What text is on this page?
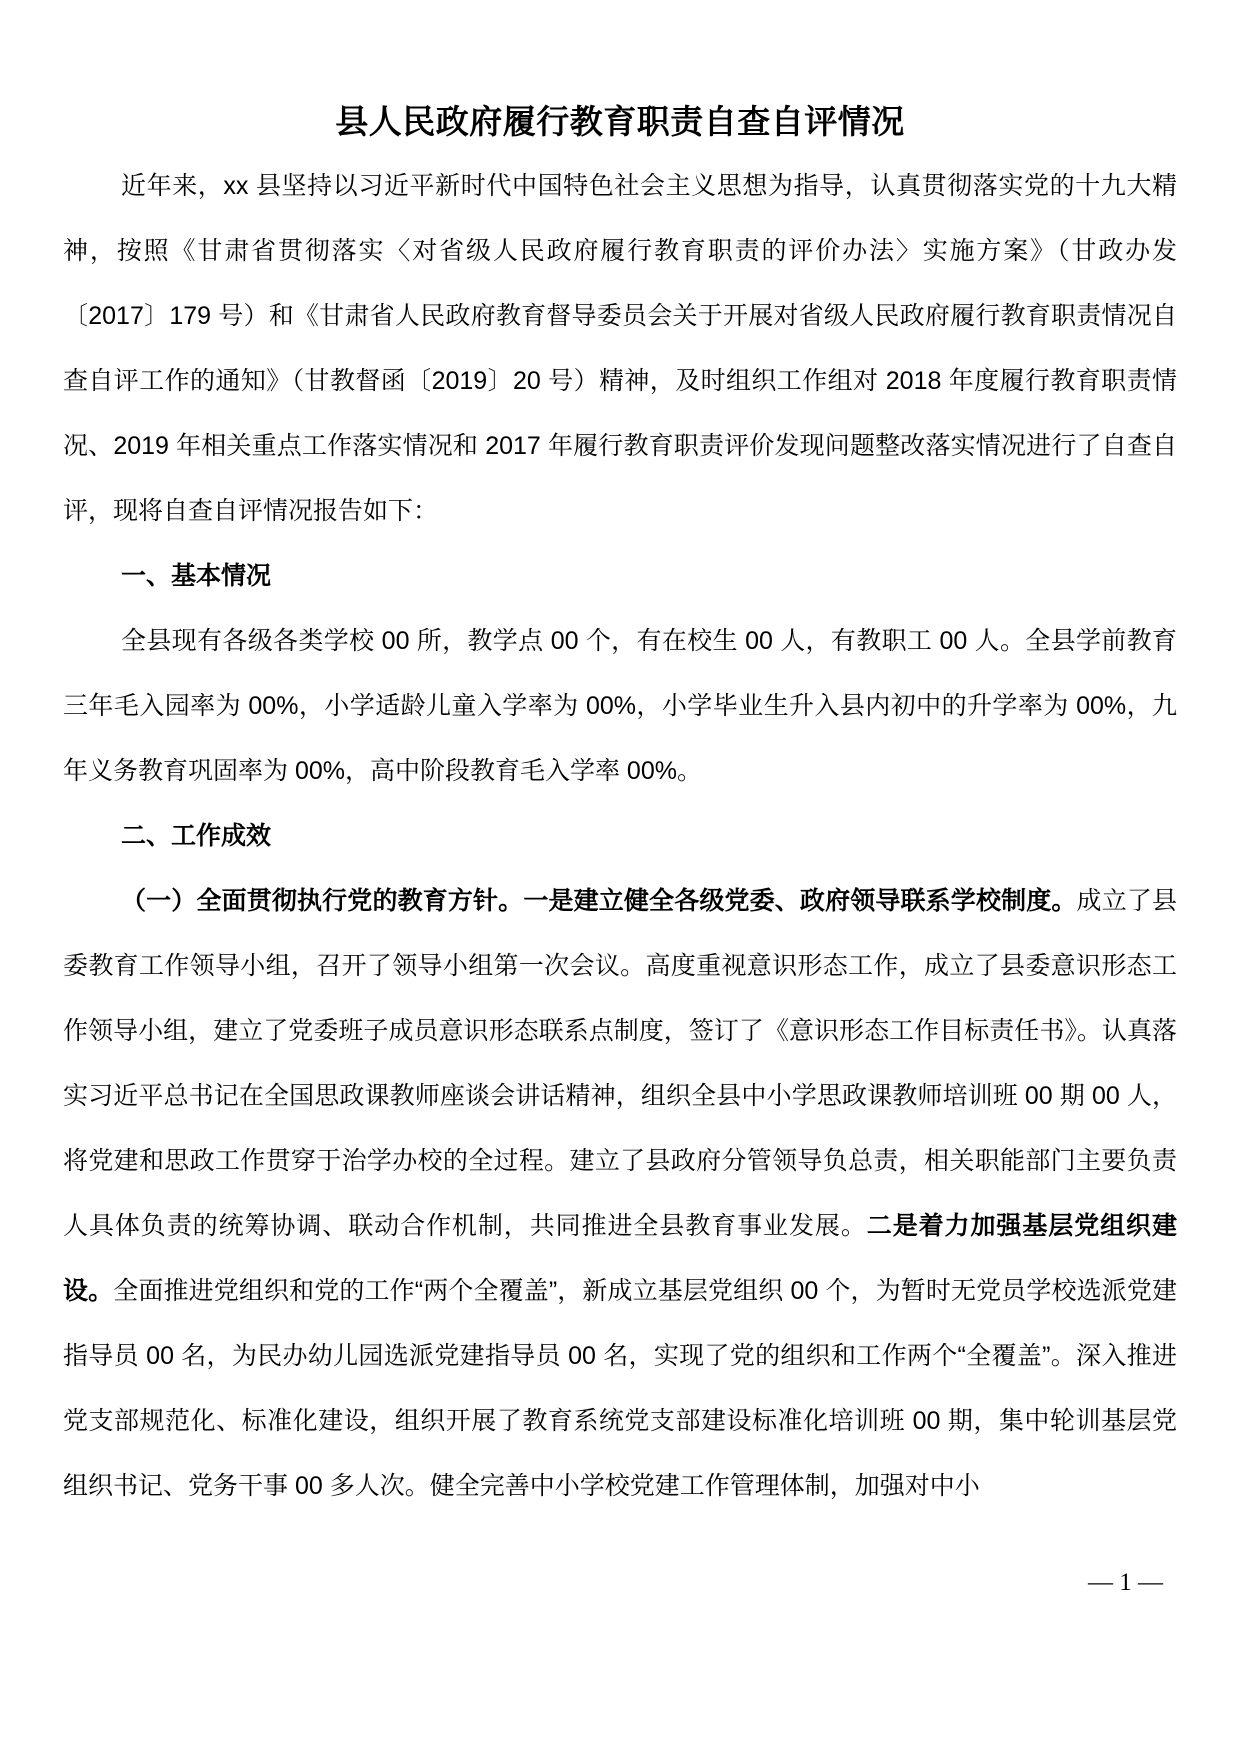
县人民政府履行教育职责自查自评情况

近年来，xx 县坚持以习近平新时代中国特色社会主义思想为指导，认真贯彻落实党的十九大精神，按照《甘肃省贯彻落实〈对省级人民政府履行教育职责的评价办法〉实施方案》（甘政办发〔2017〕179 号）和《甘肃省人民政府教育督导委员会关于开展对省级人民政府履行教育职责情况自查自评工作的通知》（甘教督函〔2019〕20 号）精神，及时组织工作组对 2018 年度履行教育职责情况、2019 年相关重点工作落实情况和 2017 年履行教育职责评价发现问题整改落实情况进行了自查自评，现将自查自评情况报告如下：

一、基本情况

全县现有各级各类学校 00 所，教学点 00 个，有在校生 00 人，有教职工 00 人。全县学前教育三年毛入园率为 00%，小学适龄儿童入学率为 00%，小学毕业生升入县内初中的升学率为 00%，九年义务教育巩固率为 00%，高中阶段教育毛入学率 00%。

二、工作成效

（一）全面贯彻执行党的教育方针。一是建立健全各级党委、政府领导联系学校制度。成立了县委教育工作领导小组，召开了领导小组第一次会议。高度重视意识形态工作，成立了县委意识形态工作领导小组，建立了党委班子成员意识形态联系点制度，签订了《意识形态工作目标责任书》。认真落实习近平总书记在全国思政课教师座谈会讲话精神，组织全县中小学思政课教师培训班 00 期 00 人，将党建和思政工作贯穿于治学办校的全过程。建立了县政府分管领导负总责，相关职能部门主要负责人具体负责的统筹协调、联动合作机制，共同推进全县教育事业发展。二是着力加强基层党组织建设。全面推进党组织和党的工作“两个全覆盖”，新成立基层党组织 00 个，为暂时无党员学校选派党建指导员 00 名，为民办幼儿园选派党建指导员 00 名，实现了党的组织和工作两个“全覆盖”。深入推进党支部规范化、标准化建设，组织开展了教育系统党支部建设标准化培训班 00 期，集中轮训基层党组织书记、党务干事 00 多人次。健全完善中小学校党建工作管理体制，加强对中小

— 1 —
